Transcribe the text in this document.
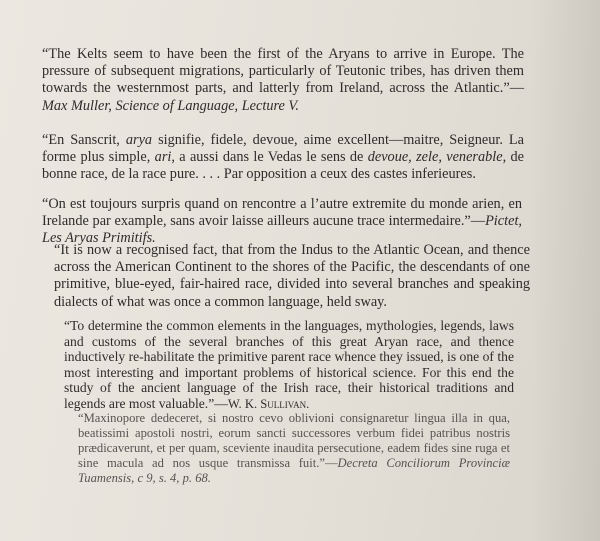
“The Kelts seem to have been the first of the Aryans to arrive in Europe. The pressure of subsequent migrations, particularly of Teutonic tribes, has driven them towards the westernmost parts, and latterly from Ireland, across the Atlantic.”—Max Muller, Science of Language, Lecture V.

“En Sanscrit, arya signifie, fidele, devoue, aime excellent—maitre, Seigneur. La forme plus simple, ari, a aussi dans le Vedas le sens de devoue, zele, venerable, de bonne race, de la race pure. . . . Par opposition a ceux des castes inferieures.

“On est toujours surpris quand on rencontre a l’autre extremite du monde arien, en Irelande par example, sans avoir laisse ailleurs aucune trace intermedaire.”—Pictet, Les Aryas Primitifs.

“It is now a recognised fact, that from the Indus to the Atlantic Ocean, and thence across the American Continent to the shores of the Pacific, the descendants of one primitive, blue-eyed, fair-haired race, divided into several branches and speaking dialects of what was once a common language, held sway.

“To determine the common elements in the languages, mythologies, legends, laws and customs of the several branches of this great Aryan race, and thence inductively re-habilitate the primitive parent race whence they issued, is one of the most interesting and important problems of historical science. For this end the study of the ancient language of the Irish race, their historical traditions and legends are most valuable.”—W. K. Sullivan.

“Maxinopore dedeceret, si nostro cevo oblivioni consignaretur lingua illa in qua, beatissimi apostoli nostri, eorum sancti successores verbum fidei patribus nostris prædicaverunt, et per quam, sceviente inaudita persecutione, eadem fides sine ruga et sine macula ad nos usque transmissa fuit.”—Decreta Conciliorum Provinciæ Tuamensis, c 9, s. 4, p. 68.
